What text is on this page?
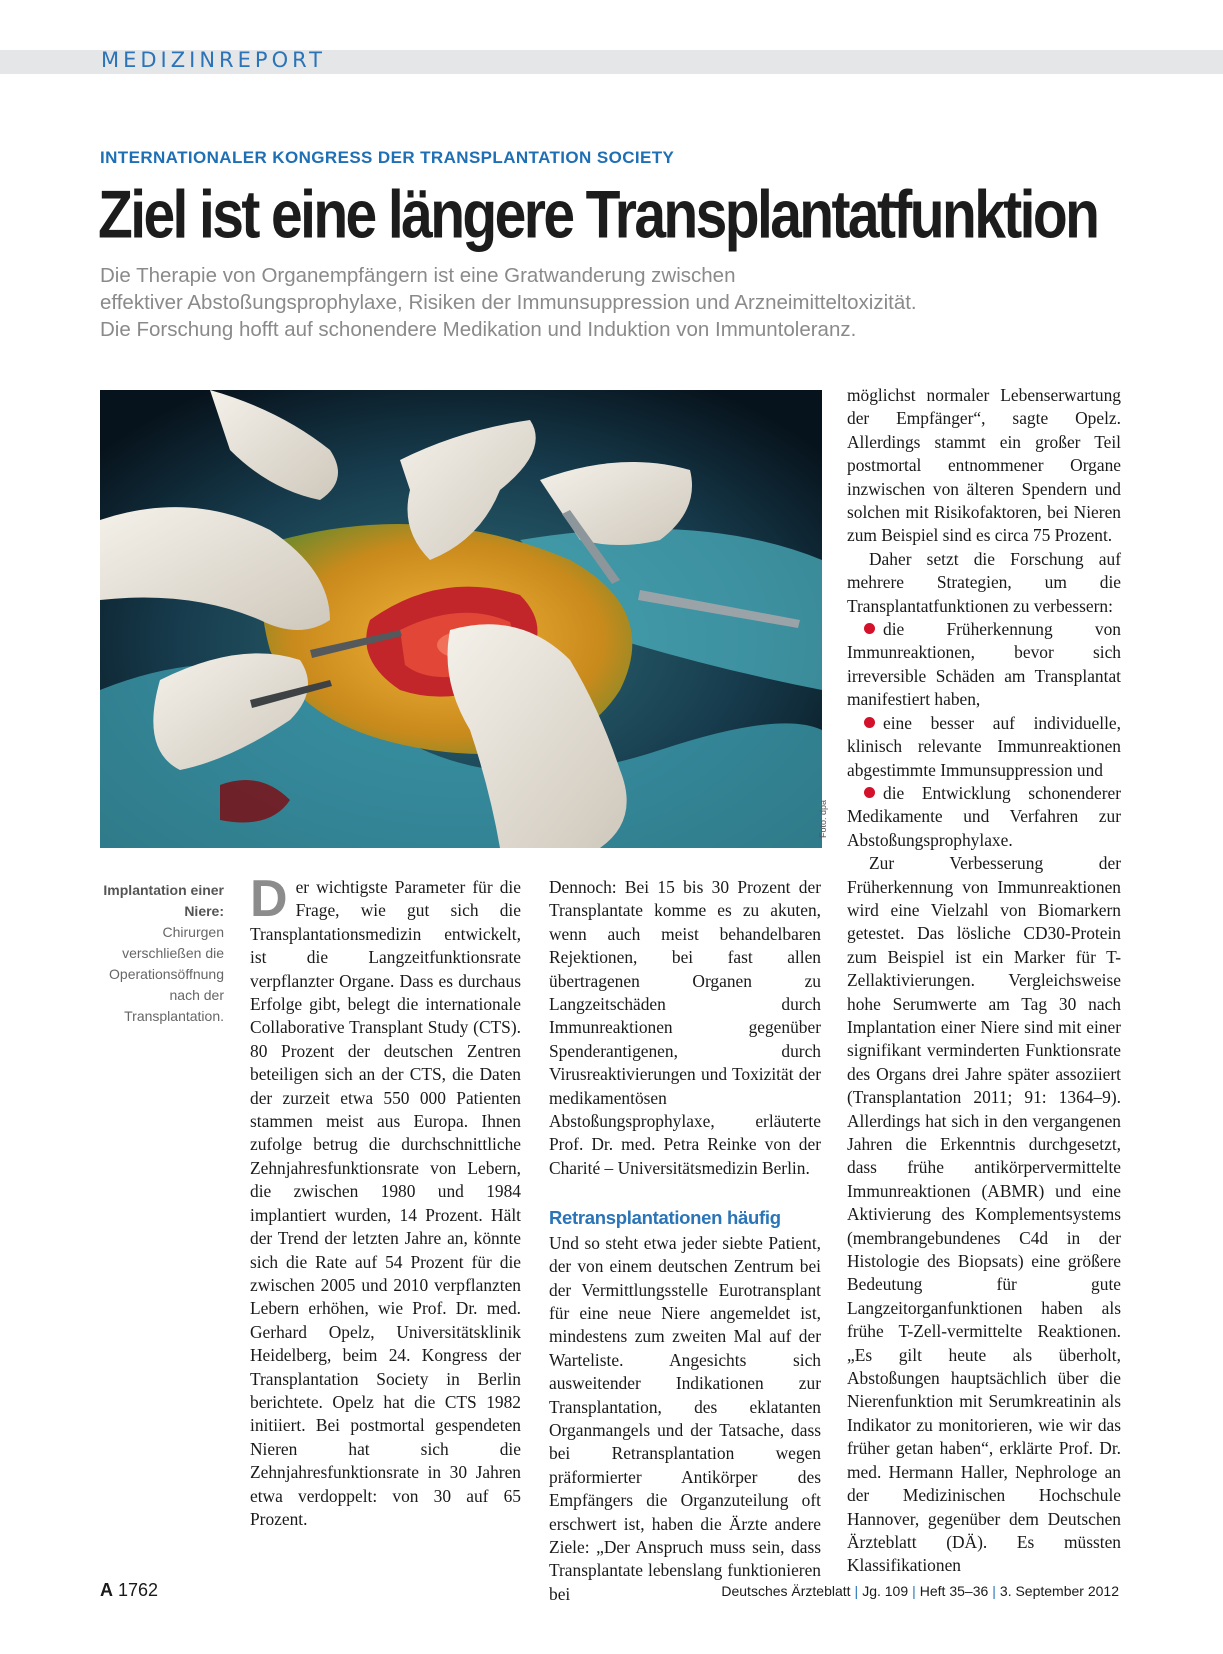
MEDIZINREPORT
INTERNATIONALER KONGRESS DER TRANSPLANTATION SOCIETY
Ziel ist eine längere Transplantatfunktion
Die Therapie von Organempfängern ist eine Gratwanderung zwischen
effektiver Abstoßungsprophylaxe, Risiken der Immunsuppression und Arzneimitteltoxizität.
Die Forschung hofft auf schonendere Medikation und Induktion von Immuntoleranz.
Foto: dpa
Implantation einer Niere:
Chirurgen verschließen die Operationsöffnung nach der Transplantation.

Der wichtigste Parameter für die Frage, wie gut sich die Transplantationsmedizin entwickelt, ist die Langzeitfunktionsrate verpflanzter Organe. Dass es durchaus Erfolge gibt, belegt die internationale Collaborative Transplant Study (CTS). 80 Prozent der deutschen Zentren beteiligen sich an der CTS, die Daten der zurzeit etwa 550 000 Patienten stammen meist aus Europa. Ihnen zufolge betrug die durchschnittliche Zehnjahresfunktionsrate von Lebern, die zwischen 1980 und 1984 implantiert wurden, 14 Prozent. Hält der Trend der letzten Jahre an, könnte sich die Rate auf 54 Prozent für die zwischen 2005 und 2010 verpflanzten Lebern erhöhen, wie Prof. Dr. med. Gerhard Opelz, Universitätsklinik Heidelberg, beim 24. Kongress der Transplantation Society in Berlin berichtete. Opelz hat die CTS 1982 initiiert. Bei postmortal gespendeten Nieren hat sich die Zehnjahresfunktionsrate in 30 Jahren etwa verdoppelt: von 30 auf 65 Prozent.

Dennoch: Bei 15 bis 30 Prozent der Transplantate komme es zu akuten, wenn auch meist behandelbaren Rejektionen, bei fast allen übertragenen Organen zu Langzeitschäden durch Immunreaktionen gegenüber Spenderantigenen, durch Virusreaktivierungen und Toxizität der medikamentösen Abstoßungsprophylaxe, erläuterte Prof. Dr. med. Petra Reinke von der Charité – Universitätsmedizin Berlin.

Retransplantationen häufig

Und so steht etwa jeder siebte Patient, der von einem deutschen Zentrum bei der Vermittlungsstelle Eurotransplant für eine neue Niere angemeldet ist, mindestens zum zweiten Mal auf der Warteliste. Angesichts sich ausweitender Indikationen zur Transplantation, des eklatanten Organmangels und der Tatsache, dass bei Retransplantation wegen präformierter Antikörper des Empfängers die Organzuteilung oft erschwert ist, haben die Ärzte andere Ziele: „Der Anspruch muss sein, dass Transplantate lebenslang funktionieren bei

möglichst normaler Lebenserwartung der Empfänger“, sagte Opelz. Allerdings stammt ein großer Teil postmortal entnommener Organe inzwischen von älteren Spendern und solchen mit Risikofaktoren, bei Nieren zum Beispiel sind es circa 75 Prozent.

Daher setzt die Forschung auf mehrere Strategien, um die Transplantatfunktionen zu verbessern:

die Früherkennung von Immunreaktionen, bevor sich irreversible Schäden am Transplantat manifestiert haben,

eine besser auf individuelle, klinisch relevante Immunreaktionen abgestimmte Immunsuppression und

die Entwicklung schonenderer Medikamente und Verfahren zur Abstoßungsprophylaxe.

Zur Verbesserung der Früherkennung von Immunreaktionen wird eine Vielzahl von Biomarkern getestet. Das lösliche CD30-Protein zum Beispiel ist ein Marker für T-Zellaktivierungen. Vergleichsweise hohe Serumwerte am Tag 30 nach Implantation einer Niere sind mit einer signifikant verminderten Funktionsrate des Organs drei Jahre später assoziiert (Transplantation 2011; 91: 1364–9). Allerdings hat sich in den vergangenen Jahren die Erkenntnis durchgesetzt, dass frühe antikörpervermittelte Immunreaktionen (ABMR) und eine Aktivierung des Komplementsystems (membrangebundenes C4d in der Histologie des Biopsats) eine größere Bedeutung für gute Langzeitorganfunktionen haben als frühe T-Zell-vermittelte Reaktionen. „Es gilt heute als überholt, Abstoßungen hauptsächlich über die Nierenfunktion mit Serumkreatinin als Indikator zu monitorieren, wie wir das früher getan haben“, erklärte Prof. Dr. med. Hermann Haller, Nephrologe an der Medizinischen Hochschule Hannover, gegenüber dem Deutschen Ärzteblatt (DÄ). Es müssten Klassifikationen

A 1762	Deutsches Ärzteblatt | Jg. 109 | Heft 35–36 | 3. September 2012
